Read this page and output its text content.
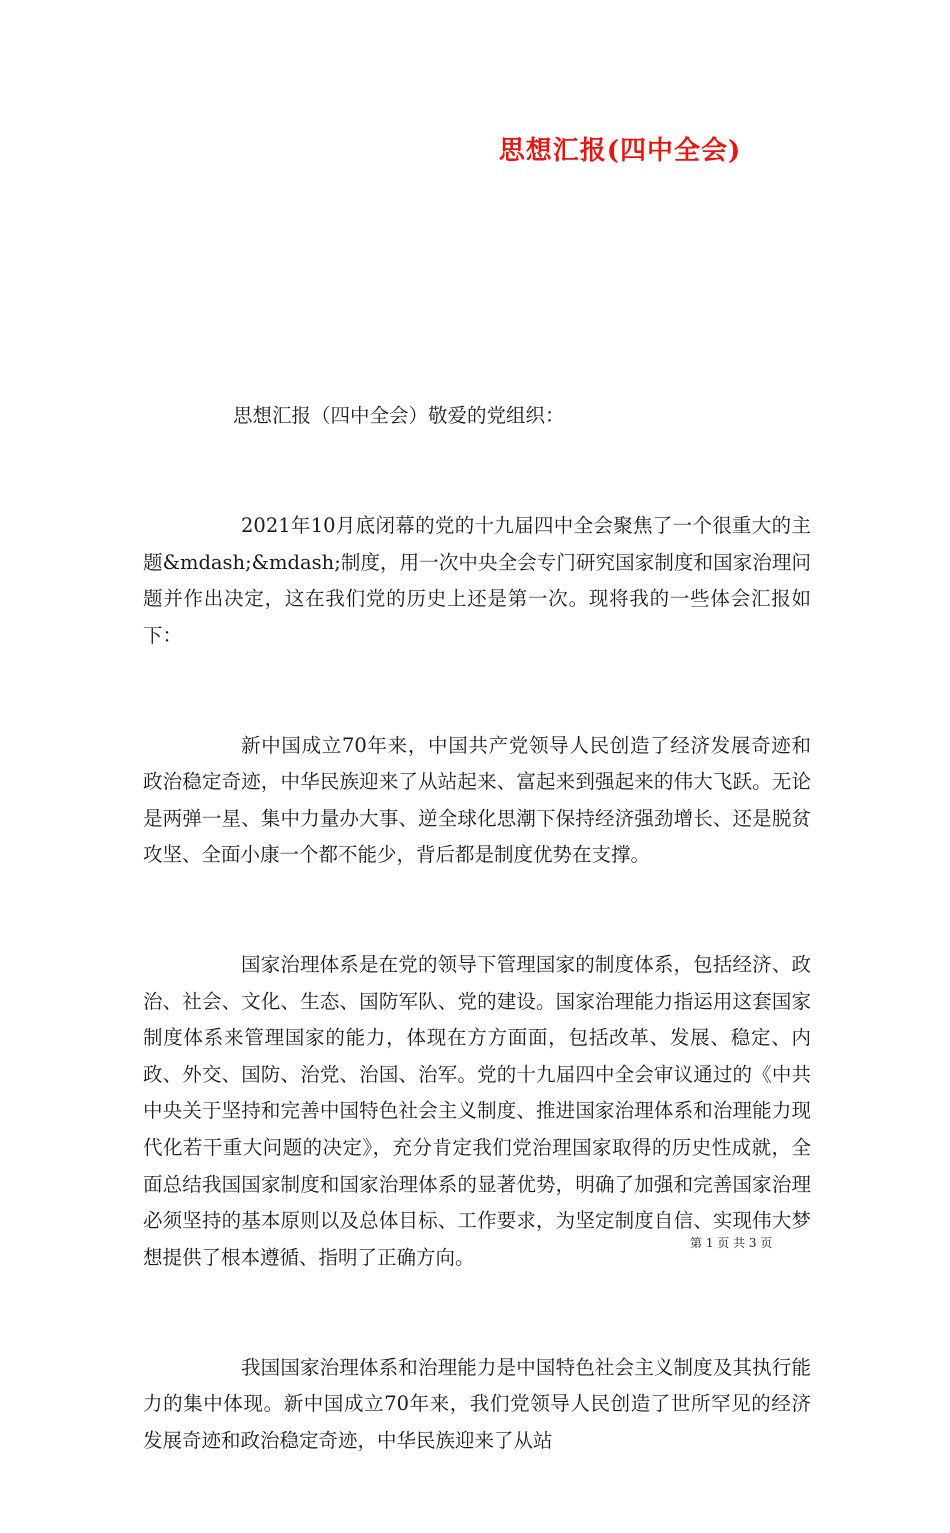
思想汇报(四中全会)

思想汇报（四中全会）敬爱的党组织：

2021年10月底闭幕的党的十九届四中全会聚焦了一个很重大的主题&mdash;&mdash;制度，用一次中央全会专门研究国家制度和国家治理问题并作出决定，这在我们党的历史上还是第一次。现将我的一些体会汇报如下：

新中国成立70年来，中国共产党领导人民创造了经济发展奇迹和政治稳定奇迹，中华民族迎来了从站起来、富起来到强起来的伟大飞跃。无论是两弹一星、集中力量办大事、逆全球化思潮下保持经济强劲增长、还是脱贫攻坚、全面小康一个都不能少，背后都是制度优势在支撑。

国家治理体系是在党的领导下管理国家的制度体系，包括经济、政治、社会、文化、生态、国防军队、党的建设。国家治理能力指运用这套国家制度体系来管理国家的能力，体现在方方面面，包括改革、发展、稳定、内政、外交、国防、治党、治国、治军。党的十九届四中全会审议通过的《中共中央关于坚持和完善中国特色社会主义制度、推进国家治理体系和治理能力现代化若干重大问题的决定》，充分肯定我们党治理国家取得的历史性成就，全面总结我国国家制度和国家治理体系的显著优势，明确了加强和完善国家治理必须坚持的基本原则以及总体目标、工作要求，为坚定制度自信、实现伟大梦想提供了根本遵循、指明了正确方向。

我国国家治理体系和治理能力是中国特色社会主义制度及其执行能力的集中体现。新中国成立70年来，我们党领导人民创造了世所罕见的经济发展奇迹和政治稳定奇迹，中华民族迎来了从站

第 1 页 共 3 页
